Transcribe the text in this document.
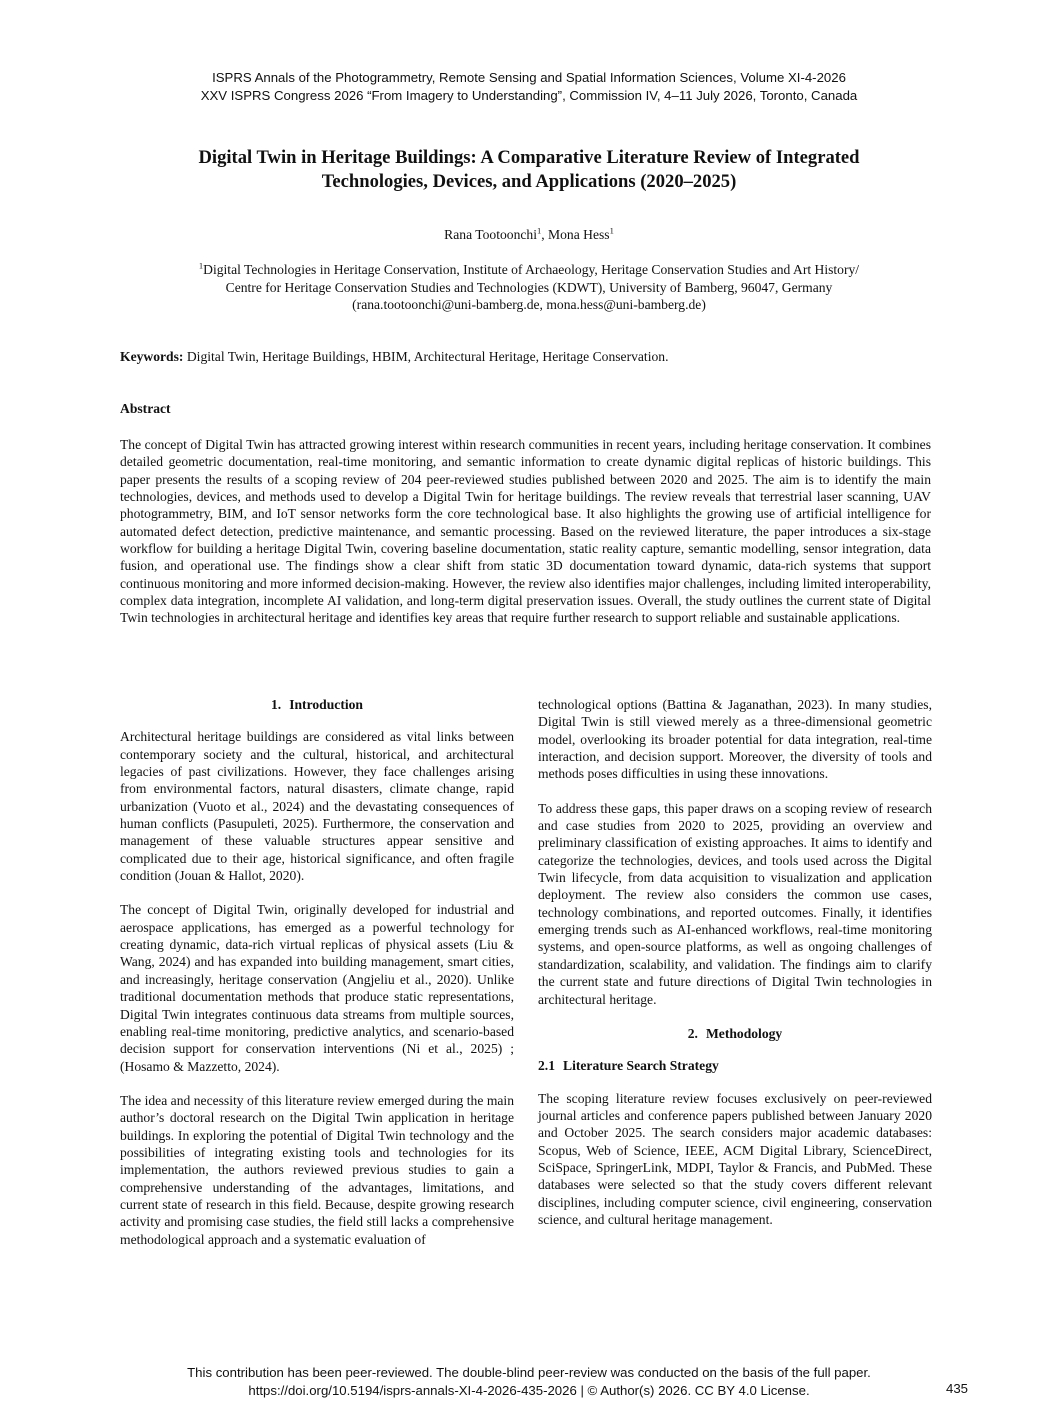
ISPRS Annals of the Photogrammetry, Remote Sensing and Spatial Information Sciences, Volume XI-4-2026
XXV ISPRS Congress 2026 “From Imagery to Understanding”, Commission IV, 4–11 July 2026, Toronto, Canada
Digital Twin in Heritage Buildings: A Comparative Literature Review of Integrated
Technologies, Devices, and Applications (2020–2025)
Rana Tootoonchi$^1$, Mona Hess$^1$
$^1$Digital Technologies in Heritage Conservation, Institute of Archaeology, Heritage Conservation Studies and Art History/
Centre for Heritage Conservation Studies and Technologies (KDWT), University of Bamberg, 96047, Germany
(rana.tootoonchi@uni-bamberg.de, mona.hess@uni-bamberg.de)
Keywords: Digital Twin, Heritage Buildings, HBIM, Architectural Heritage, Heritage Conservation.
Abstract

The concept of Digital Twin has attracted growing interest within research communities in recent years, including heritage conservation. It combines detailed geometric documentation, real-time monitoring, and semantic information to create dynamic digital replicas of historic buildings. This paper presents the results of a scoping review of 204 peer-reviewed studies published between 2020 and 2025. The aim is to identify the main technologies, devices, and methods used to develop a Digital Twin for heritage buildings. The review reveals that terrestrial laser scanning, UAV photogrammetry, BIM, and IoT sensor networks form the core technological base. It also highlights the growing use of artificial intelligence for automated defect detection, predictive maintenance, and semantic processing. Based on the reviewed literature, the paper introduces a six-stage workflow for building a heritage Digital Twin, covering baseline documentation, static reality capture, semantic modelling, sensor integration, data fusion, and operational use. The findings show a clear shift from static 3D documentation toward dynamic, data-rich systems that support continuous monitoring and more informed decision-making. However, the review also identifies major challenges, including limited interoperability, complex data integration, incomplete AI validation, and long-term digital preservation issues. Overall, the study outlines the current state of Digital Twin technologies in architectural heritage and identifies key areas that require further research to support reliable and sustainable applications.

1. Introduction

Architectural heritage buildings are considered as vital links between contemporary society and the cultural, historical, and architectural legacies of past civilizations. However, they face challenges arising from environmental factors, natural disasters, climate change, rapid urbanization (Vuoto et al., 2024) and the devastating consequences of human conflicts (Pasupuleti, 2025). Furthermore, the conservation and management of these valuable structures appear sensitive and complicated due to their age, historical significance, and often fragile condition (Jouan & Hallot, 2020).

The concept of Digital Twin, originally developed for industrial and aerospace applications, has emerged as a powerful technology for creating dynamic, data-rich virtual replicas of physical assets (Liu & Wang, 2024) and has expanded into building management, smart cities, and increasingly, heritage conservation (Angjeliu et al., 2020). Unlike traditional documentation methods that produce static representations, Digital Twin integrates continuous data streams from multiple sources, enabling real-time monitoring, predictive analytics, and scenario-based decision support for conservation interventions (Ni et al., 2025) ; (Hosamo & Mazzetto, 2024).

The idea and necessity of this literature review emerged during the main author’s doctoral research on the Digital Twin application in heritage buildings. In exploring the potential of Digital Twin technology and the possibilities of integrating existing tools and technologies for its implementation, the authors reviewed previous studies to gain a comprehensive understanding of the advantages, limitations, and current state of research in this field. Because, despite growing research activity and promising case studies, the field still lacks a comprehensive methodological approach and a systematic evaluation of

technological options (Battina & Jaganathan, 2023). In many studies, Digital Twin is still viewed merely as a three-dimensional geometric model, overlooking its broader potential for data integration, real-time interaction, and decision support. Moreover, the diversity of tools and methods poses difficulties in using these innovations.

To address these gaps, this paper draws on a scoping review of research and case studies from 2020 to 2025, providing an overview and preliminary classification of existing approaches. It aims to identify and categorize the technologies, devices, and tools used across the Digital Twin lifecycle, from data acquisition to visualization and application deployment. The review also considers the common use cases, technology combinations, and reported outcomes. Finally, it identifies emerging trends such as AI-enhanced workflows, real-time monitoring systems, and open-source platforms, as well as ongoing challenges of standardization, scalability, and validation. The findings aim to clarify the current state and future directions of Digital Twin technologies in architectural heritage.

2. Methodology
2.1 Literature Search Strategy

The scoping literature review focuses exclusively on peer-reviewed journal articles and conference papers published between January 2020 and October 2025. The search considers major academic databases: Scopus, Web of Science, IEEE, ACM Digital Library, ScienceDirect, SciSpace, SpringerLink, MDPI, Taylor & Francis, and PubMed. These databases were selected so that the study covers different relevant disciplines, including computer science, civil engineering, conservation science, and cultural heritage management.

This contribution has been peer-reviewed. The double-blind peer-review was conducted on the basis of the full paper.
https://doi.org/10.5194/isprs-annals-XI-4-2026-435-2026 | © Author(s) 2026. CC BY 4.0 License.	435
